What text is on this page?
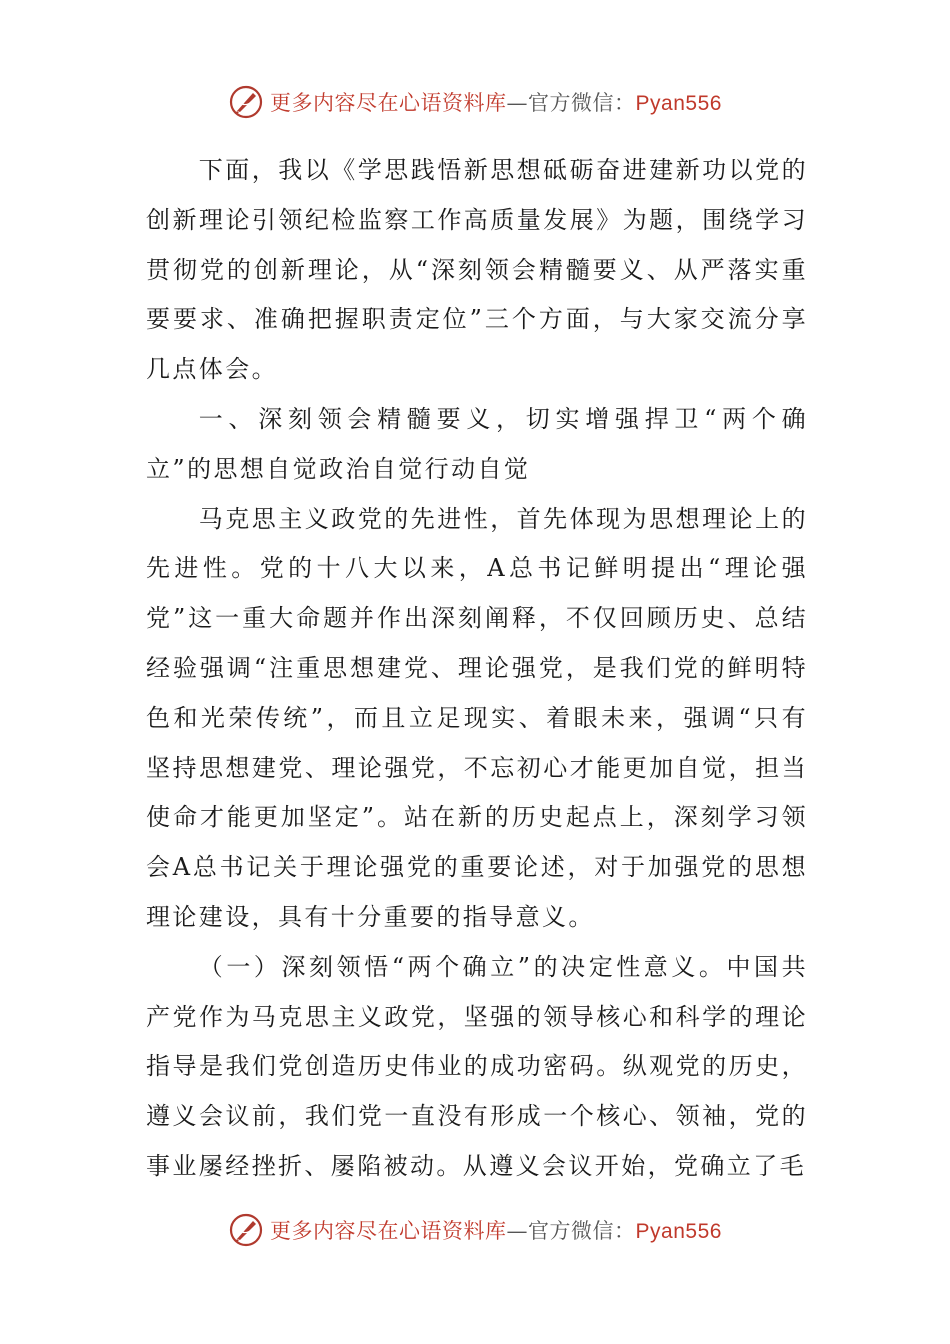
更多内容尽在心语资料库—官方微信：Pyan556

下面，我以《学思践悟新思想砥砺奋进建新功以党的创新理论引领纪检监察工作高质量发展》为题，围绕学习贯彻党的创新理论，从“深刻领会精髓要义、从严落实重要要求、准确把握职责定位”三个方面，与大家交流分享几点体会。

一、深刻领会精髓要义，切实增强捍卫“两个确立”的思想自觉政治自觉行动自觉

马克思主义政党的先进性，首先体现为思想理论上的先进性。党的十八大以来，A总书记鲜明提出“理论强党”这一重大命题并作出深刻阐释，不仅回顾历史、总结经验强调“注重思想建党、理论强党，是我们党的鲜明特色和光荣传统”，而且立足现实、着眼未来，强调“只有坚持思想建党、理论强党，不忘初心才能更加自觉，担当使命才能更加坚定”。站在新的历史起点上，深刻学习领会A总书记关于理论强党的重要论述，对于加强党的思想理论建设，具有十分重要的指导意义。

（一）深刻领悟“两个确立”的决定性意义。中国共产党作为马克思主义政党，坚强的领导核心和科学的理论指导是我们党创造历史伟业的成功密码。纵观党的历史，遵义会议前，我们党一直没有形成一个核心、领袖，党的事业屡经挫折、屡陷被动。从遵义会议开始，党确立了毛

更多内容尽在心语资料库—官方微信：Pyan556
